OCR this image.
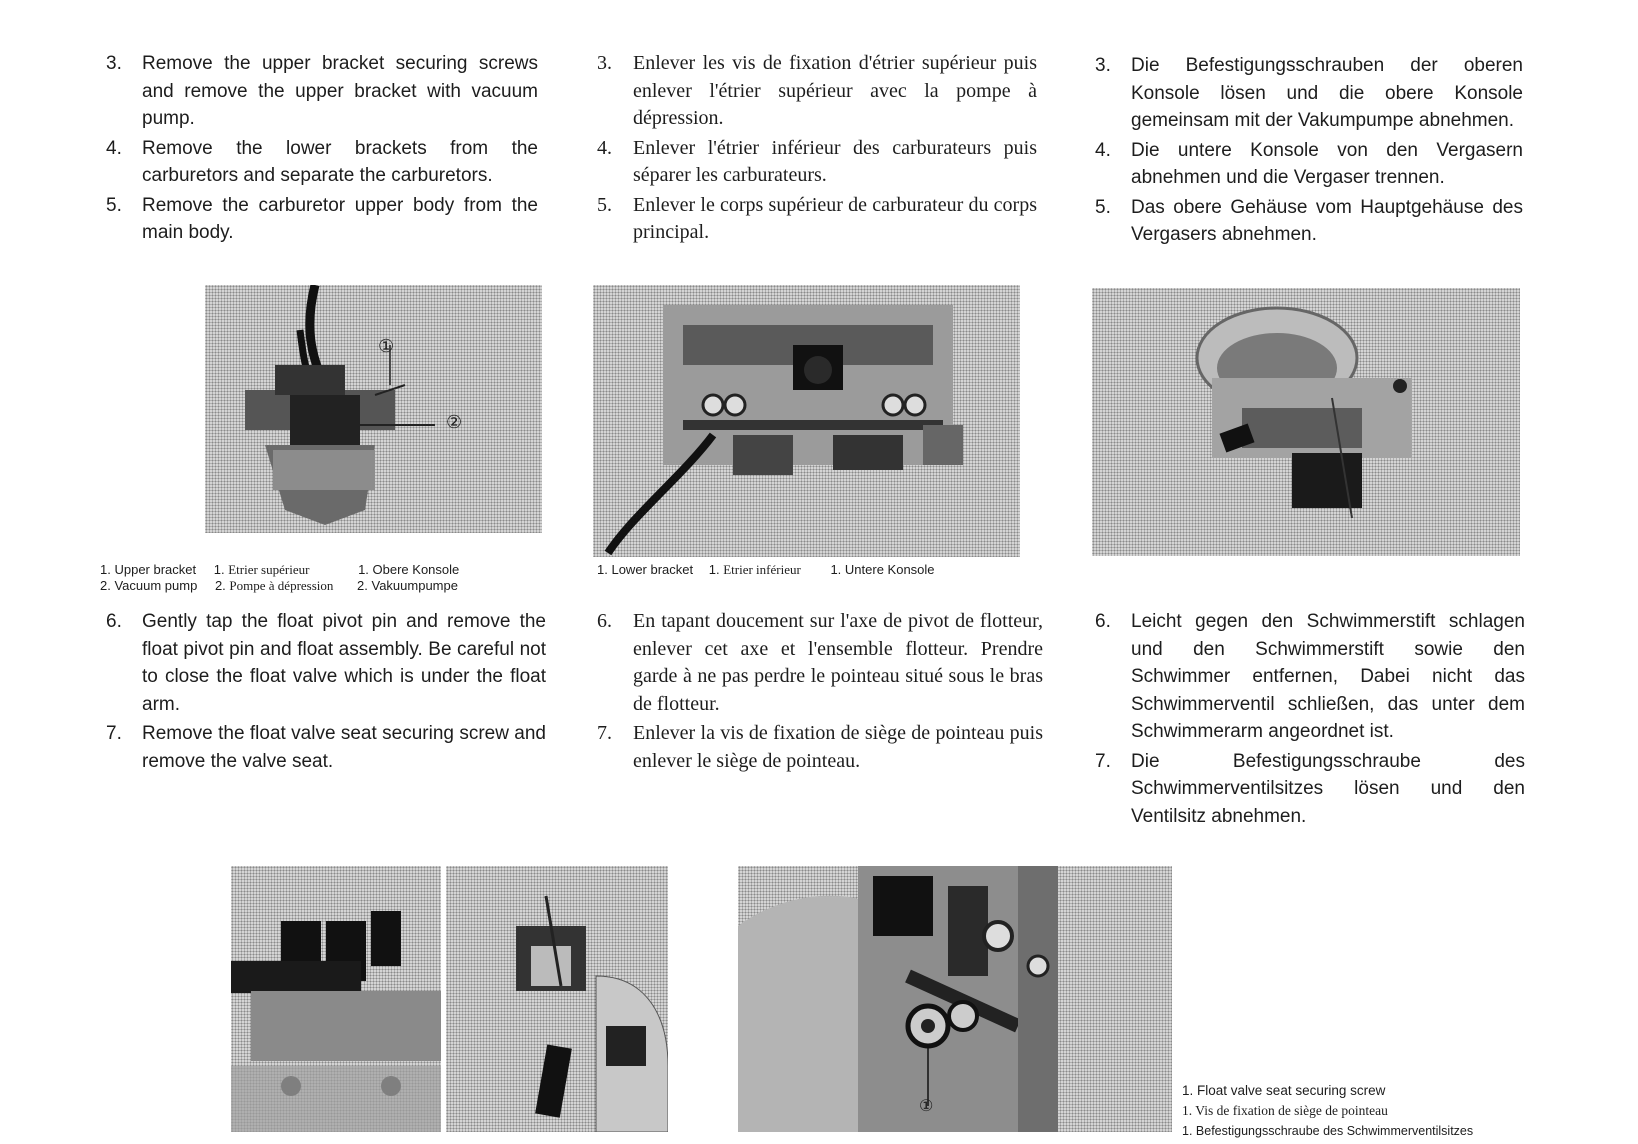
3.	Remove the upper bracket securing screws and remove the upper bracket with vacuum pump.
4.	Remove the lower brackets from the carburetors and separate the carburetors.
5.	Remove the carburetor upper body from the main body.
3.	Enlever les vis de fixation d'étrier supérieur puis enlever l'étrier supérieur avec la pompe à dépression.
4.	Enlever l'étrier inférieur des carburateurs puis séparer les carburateurs.
5.	Enlever le corps supérieur de carburateur du corps principal.
3.	Die Befestigungsschrauben der oberen Konsole lösen und die obere Konsole gemeinsam mit der Vakumpumpe abnehmen.
4.	Die untere Konsole von den Vergasern abnehmen und die Vergaser trennen.
5.	Das obere Gehäuse vom Hauptgehäuse des Vergasers abnehmen.
①
②
1. Upper bracket 1. Etrier supérieur	1. Obere Konsole
2. Vacuum pump 2. Pompe à dépression 2. Vakuumpumpe
1. Lower bracket 1. Etrier inférieur 1. Untere Konsole
6.	Gently tap the float pivot pin and remove the float pivot pin and float assembly. Be careful not to close the float valve which is under the float arm.
7.	Remove the float valve seat securing screw and remove the valve seat.
6.	En tapant doucement sur l'axe de pivot de flotteur, enlever cet axe et l'ensemble flotteur. Prendre garde à ne pas perdre le pointeau situé sous le bras de flotteur.
7.	Enlever la vis de fixation de siège de pointeau puis enlever le siège de pointeau.
6.	Leicht gegen den Schwimmerstift schlagen und den Schwimmerstift sowie den Schwimmer entfernen, Dabei nicht das Schwimmerventil schließen, das unter dem Schwimmerarm angeordnet ist.
7.	Die Befestigungsschraube des Schwimmerventilsitzes lösen und den Ventilsitz abnehmen.
①
1. Float valve seat securing screw
1. Vis de fixation de siège de pointeau
1. Befestigungsschraube des Schwimmerventilsitzes
